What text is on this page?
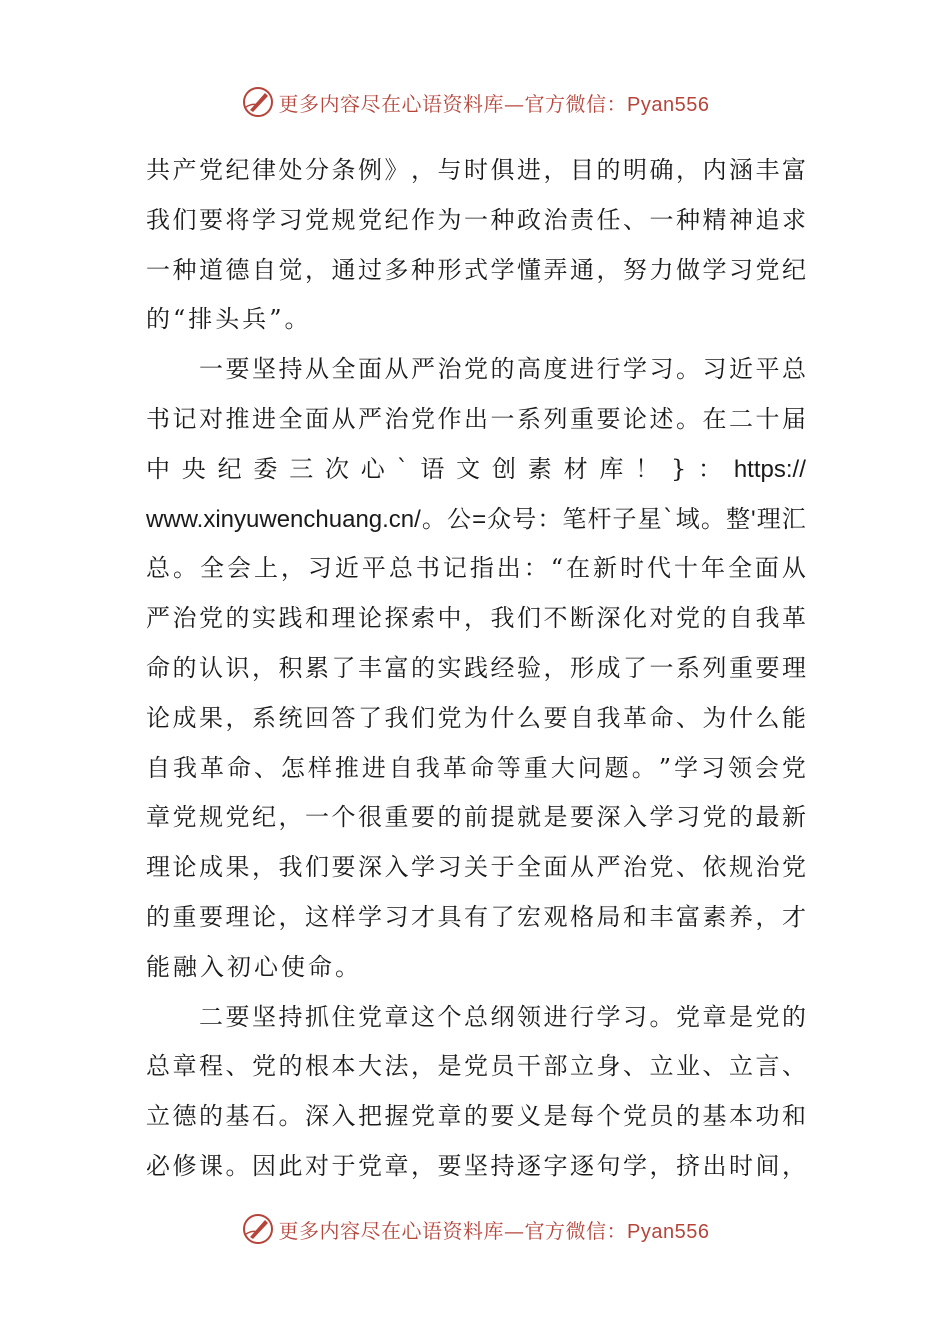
更多内容尽在心语资料库—官方微信：Pyan556
共 产 党 纪 律 处 分 条 例 》 ， 与 时 俱 进 ， 目 的 明 确 ， 内 涵 丰 富
我 们 要 将 学 习 党 规 党 纪 作 为 一 种 政 治 责 任 、 一 种 精 神 追 求
一 种 道 德 自 觉 ， 通 过 多 种 形 式 学 懂 弄 通 ， 努 力 做 学 习 党 纪
的“排头兵”。

一 要 坚 持 从 全 面 从 严 治 党 的 高 度 进 行 学 习 。 习 近 平 总
书 记 对 推 进 全 面 从 严 治 党 作 出 一 系 列 重 要 论 述 。 在 二 十 届
中 央 纪 委 三 次 心 ` 语 文 创 素 材 库 ！ } ： https://
www.xinyuwenchuang.cn/ 。 公 = 众 号 ： 笔 杆 子 星 ` 域 。 整 ' 理 汇
总 。 全 会 上 ， 习 近 平 总 书 记 指 出 ： “ 在 新 时 代 十 年 全 面 从
严 治 党 的 实 践 和 理 论 探 索 中 ， 我 们 不 断 深 化 对 党 的 自 我 革
命 的 认 识 ， 积 累 了 丰 富 的 实 践 经 验 ， 形 成 了 一 系 列 重 要 理
论 成 果 ， 系 统 回 答 了 我 们 党 为 什 么 要 自 我 革 命 、 为 什 么 能
自 我 革 命 、 怎 样 推 进 自 我 革 命 等 重 大 问 题 。 ” 学 习 领 会 党
章 党 规 党 纪 ， 一 个 很 重 要 的 前 提 就 是 要 深 入 学 习 党 的 最 新
理 论 成 果 ， 我 们 要 深 入 学 习 关 于 全 面 从 严 治 党 、 依 规 治 党
的 重 要 理 论 ， 这 样 学 习 才 具 有 了 宏 观 格 局 和 丰 富 素 养 ， 才
能融入初心使命。

二 要 坚 持 抓 住 党 章 这 个 总 纲 领 进 行 学 习 。 党 章 是 党 的
总 章 程 、 党 的 根 本 大 法 ， 是 党 员 干 部 立 身 、 立 业 、 立 言 、
立 德 的 基 石 。 深 入 把 握 党 章 的 要 义 是 每 个 党 员 的 基 本 功 和
必 修 课 。 因 此 对 于 党 章 ， 要 坚 持 逐 字 逐 句 学 ， 挤 出 时 间 ，
更多内容尽在心语资料库—官方微信：Pyan556
